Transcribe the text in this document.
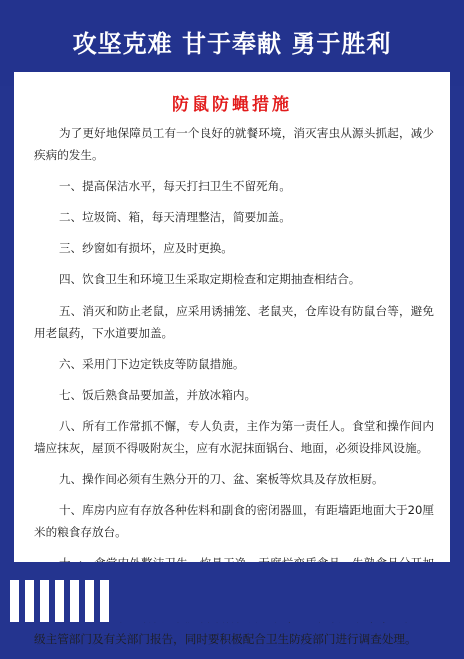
攻坚克难 甘于奉献 勇于胜利
防鼠防蝇措施

为了更好地保障员工有一个良好的就餐环境，消灭害虫从源头抓起，减少疾病的发生。

一、提高保洁水平，每天打扫卫生不留死角。

二、垃圾筒、箱，每天清理整洁，简要加盖。

三、纱窗如有损坏，应及时更换。

四、饮食卫生和环境卫生采取定期检查和定期抽查相结合。

五、消灭和防止老鼠，应采用诱捕笼、老鼠夹，仓库设有防鼠台等，避免用老鼠药，下水道要加盖。

六、采用门下边定铁皮等防鼠措施。

七、饭后熟食品要加盖，并放冰箱内。

八、所有工作常抓不懈，专人负责，主作为第一责任人。食堂和操作间内墙应抹灰，屋顶不得吸附灰尘，应有水泥抹面锅台、地面，必须设排风设施。

九、操作间必须有生熟分开的刀、盆、案板等炊具及存放柜厨。

十、库房内应有存放各种佐料和副食的密闭器皿，有距墙距地面大于20厘米的粮食存放台。

级主管部门及有关部门报告，同时要积极配合卫生防疫部门进行调查处理。
